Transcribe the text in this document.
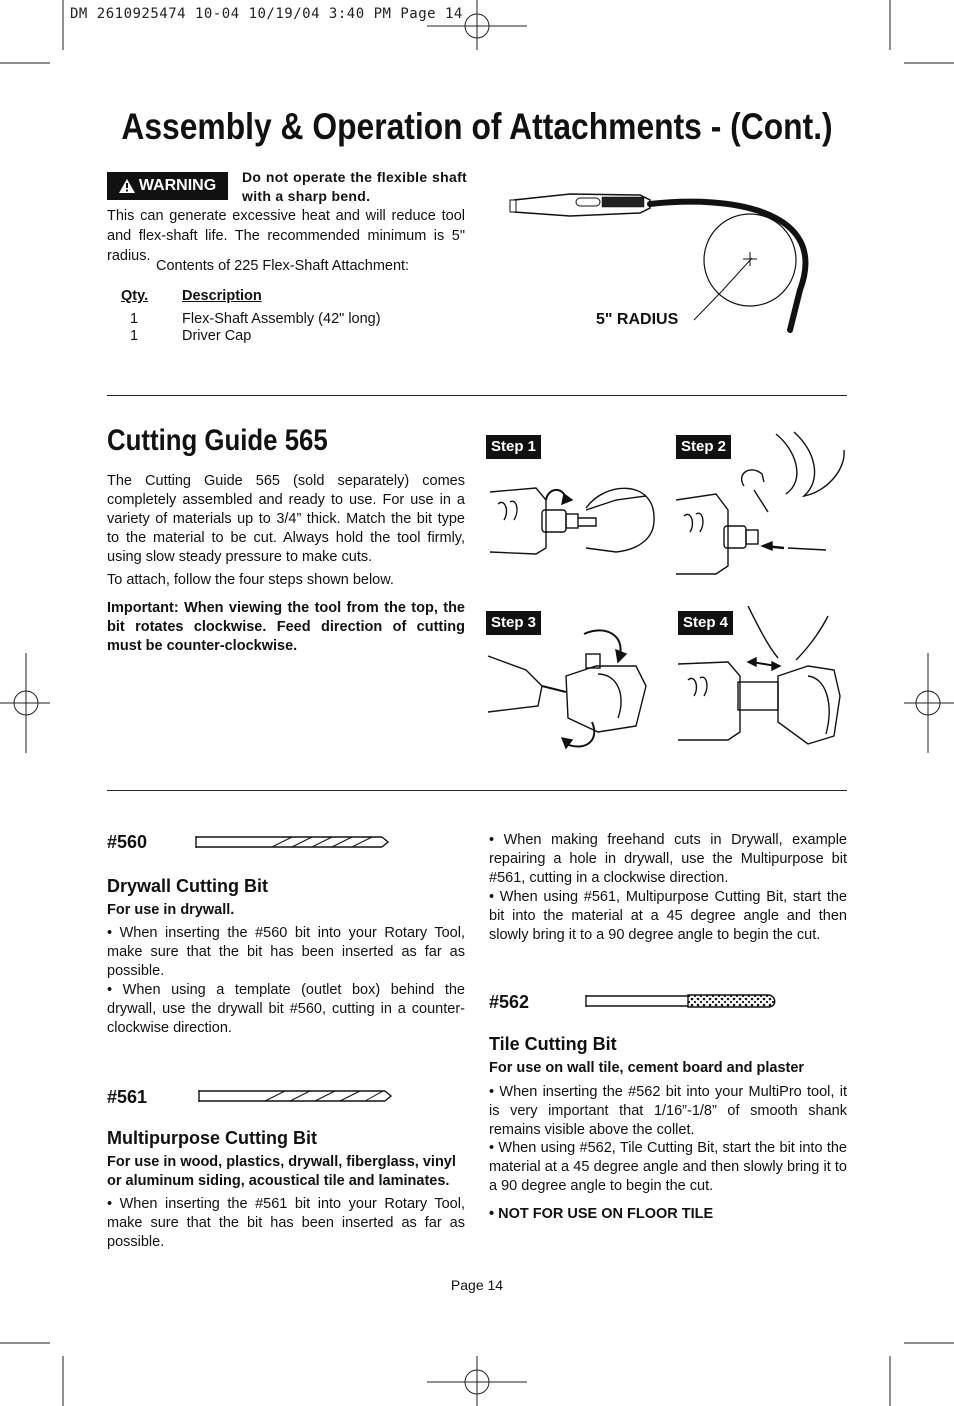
DM 2610925474 10-04 10/19/04 3:40 PM Page 14
Assembly & Operation of Attachments - (Cont.)
WARNING Do not operate the flexible shaft with a sharp bend.
This can generate excessive heat and will reduce tool and flex-shaft life. The recommended minimum is 5" radius.
Contents of 225 Flex-Shaft Attachment:
Qty. Description
1	Flex-Shaft Assembly (42" long)
1	Driver Cap
5" RADIUS
Cutting Guide 565
The Cutting Guide 565 (sold separately) comes completely assembled and ready to use. For use in a variety of materials up to 3/4” thick. Match the bit type to the material to be cut. Always hold the tool firmly, using slow steady pressure to make cuts.
To attach, follow the four steps shown below.
Important: When viewing the tool from the top, the bit rotates clockwise. Feed direction of cutting must be counter-clockwise.
Step 1	Step 2
Step 3	Step 4
#560
Drywall Cutting Bit
For use in drywall.
• When inserting the #560 bit into your Rotary Tool, make sure that the bit has been inserted as far as possible.
• When using a template (outlet box) behind the drywall, use the drywall bit #560, cutting in a counter-clockwise direction.
#561
Multipurpose Cutting Bit
For use in wood, plastics, drywall, fiberglass, vinyl or aluminum siding, acoustical tile and laminates.
• When inserting the #561 bit into your Rotary Tool, make sure that the bit has been inserted as far as possible.
• When making freehand cuts in Drywall, example repairing a hole in drywall, use the Multipurpose bit #561, cutting in a clockwise direction.
• When using #561, Multipurpose Cutting Bit, start the bit into the material at a 45 degree angle and then slowly bring it to a 90 degree angle to begin the cut.
#562
Tile Cutting Bit
For use on wall tile, cement board and plaster
• When inserting the #562 bit into your MultiPro tool, it is very important that 1/16”-1/8” of smooth shank remains visible above the collet.
• When using #562, Tile Cutting Bit, start the bit into the material at a 45 degree angle and then slowly bring it to a 90 degree angle to begin the cut.
• NOT FOR USE ON FLOOR TILE
Page 14
